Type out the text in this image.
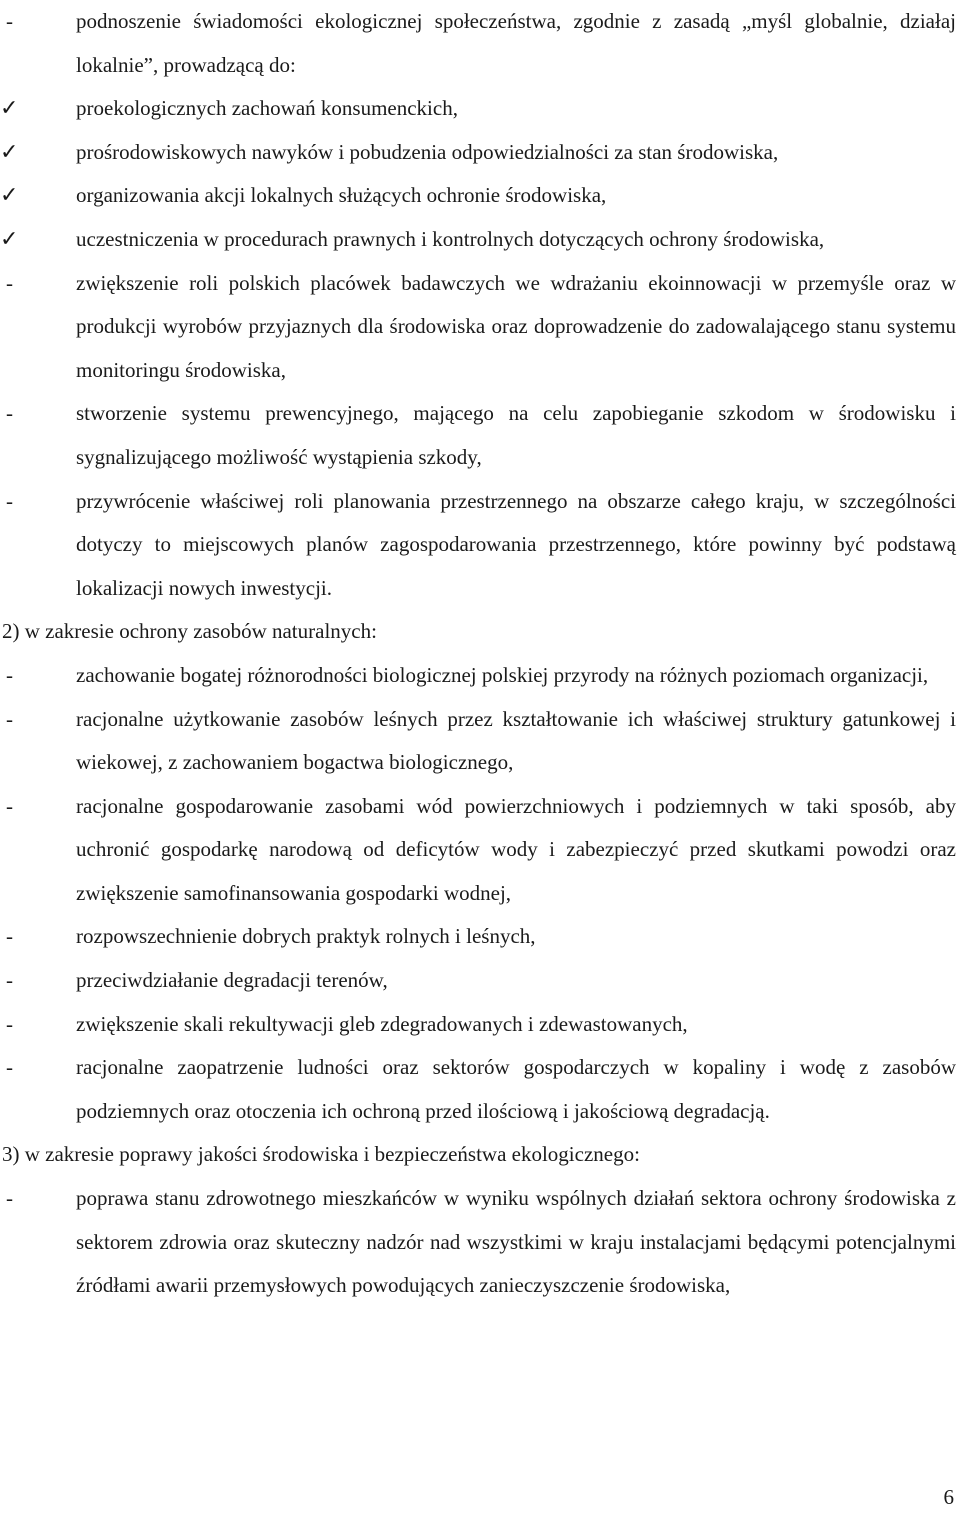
-	podnoszenie świadomości ekologicznej społeczeństwa, zgodnie z zasadą „myśl globalnie, działaj lokalnie”, prowadzącą do:
✓	proekologicznych zachowań konsumenckich,
✓	prośrodowiskowych nawyków i pobudzenia odpowiedzialności za stan środowiska,
✓	organizowania akcji lokalnych służących ochronie środowiska,
✓	uczestniczenia w procedurach prawnych i kontrolnych dotyczących ochrony środowiska,
-	zwiększenie roli polskich placówek badawczych we wdrażaniu ekoinnowacji w przemyśle oraz w produkcji wyrobów przyjaznych dla środowiska oraz doprowadzenie do zadowalającego stanu systemu monitoringu środowiska,
-	stworzenie systemu prewencyjnego, mającego na celu zapobieganie szkodom w środowisku i sygnalizującego możliwość wystąpienia szkody,
-	przywrócenie właściwej roli planowania przestrzennego na obszarze całego kraju, w szczególności dotyczy to miejscowych planów zagospodarowania przestrzennego, które powinny być podstawą lokalizacji nowych inwestycji.
2) w zakresie ochrony zasobów naturalnych:
-	zachowanie bogatej różnorodności biologicznej polskiej przyrody na różnych poziomach organizacji,
-	racjonalne użytkowanie zasobów leśnych przez kształtowanie ich właściwej struktury gatunkowej i wiekowej, z zachowaniem bogactwa biologicznego,
-	racjonalne gospodarowanie zasobami wód powierzchniowych i podziemnych w taki sposób, aby uchronić gospodarkę narodową od deficytów wody i zabezpieczyć przed skutkami powodzi oraz zwiększenie samofinansowania gospodarki wodnej,
-	rozpowszechnienie dobrych praktyk rolnych i leśnych,
-	przeciwdziałanie degradacji terenów,
-	zwiększenie skali rekultywacji gleb zdegradowanych i zdewastowanych,
-	racjonalne zaopatrzenie ludności oraz sektorów gospodarczych w kopaliny i wodę z zasobów podziemnych oraz otoczenia ich ochroną przed ilościową i jakościową degradacją.
3) w zakresie poprawy jakości środowiska i bezpieczeństwa ekologicznego:
-	poprawa stanu zdrowotnego mieszkańców w wyniku wspólnych działań sektora ochrony środowiska z sektorem zdrowia oraz skuteczny nadzór nad wszystkimi w kraju instalacjami będącymi potencjalnymi źródłami awarii przemysłowych powodujących zanieczyszczenie środowiska,
6
